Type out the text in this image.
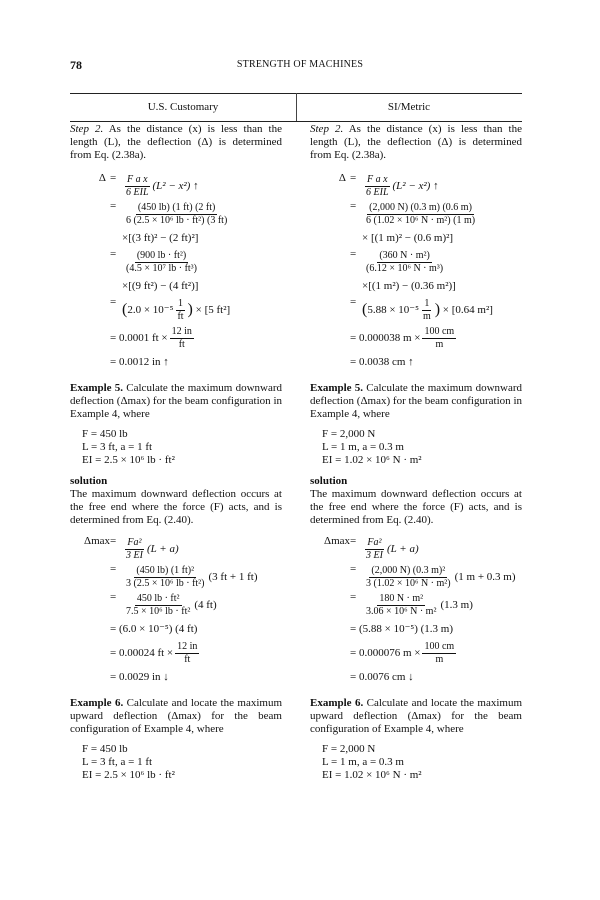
78	STRENGTH OF MACHINES
U.S. Customary	SI/Metric

Step 2. As the distance (x) is less than the length (L), the deflection (Δ) is determined from Eq. (2.38a).

$\Delta = \frac{\text{F a x}}{\text{6 EIL}} (L^2 - x^2)$ ↑
= $\frac{(450 lb) (1 ft) (2 ft)}{\text{6 (2.5 × 10⁶ lb · ft²) (3 ft)}}$
×[(3 ft)² − (2 ft)²]
= $\frac{\text{(900 lb · ft²)}}{\text{(4.5 × 10⁷ lb · ft³)}}$
×[(9 ft²) − (4 ft²)]
= ( $2.0 \times 10^{-5} \frac{1}{ft}$ )
× [5 ft²]
= 0.0001 ft × $\frac{12 in}{ft}$
= 0.0012 in ↑

Example 5. Calculate the maximum downward deflection (Δmax) for the beam configuration in Example 4, where

F = 450 lb
L = 3 ft, a = 1 ft
EI = 2.5 × 10⁶ lb · ft²
solution

The maximum downward deflection occurs at the free end where the force (F) acts, and is determined from Eq. (2.40).

$\Delta\max = \frac{\text{Fa²}}{3 EI} (L + a)$
= $\frac{\text{(450 lb) (1 ft)²}}{\text{3 (2.5 × 10⁶ lb · ft²)}} (3$ ft + 1 ft)
= $\frac{\text{450 lb · ft²}}{\text{7.5 × 10⁶ lb · ft²}} (4$ ft)
= (6.0 × 10⁻⁵) (4 ft)
= 0.00024 ft × $\frac{12 in}{ft}$
= 0.0029 in ↓

Example 6. Calculate and locate the maximum upward deflection (Δmax) for the beam configuration of Example 4, where

F = 450 lb
L = 3 ft, a = 1 ft
EI = 2.5 × 10⁶ lb · ft²

Step 2. As the distance (x) is less than the length (L), the deflection (Δ) is determined from Eq. (2.38a).

$\Delta = \frac{\text{F a x}}{\text{6 EIL}} (L^2 - x^2)$ ↑
= $\frac{(2,000 N) (0.3 m) (0.6 m)}{\text{6 (1.02 × 10⁶ N · m²) (1 m)}}$
× [(1 m)² − (0.6 m)²]
= $\frac{\text{(360 N · m²)}}{\text{(6.12 × 10⁶ N · m³)}}$
×[(1 m²) − (0.36 m²)]
= ( $5.88 \times 10^{-5} \frac{1}{m}$ )
× [0.64 m²]
= 0.000038 $m \times \frac{100 cm}{m}$
= 0.0038 cm ↑

Example 5. Calculate the maximum downward deflection (Δmax) for the beam configuration in Example 4, where

F = 2,000 N
L = 1 m, a = 0.3 m
EI = 1.02 × 10⁶ N · m²
solution

The maximum downward deflection occurs at the free end where the force (F) acts, and is determined from Eq. (2.40).

$\Delta\max = \frac{\text{Fa²}}{3 EI} (L + a)$
= $\frac{\text{(2,000 N) (0.3 m)²}}{\text{3 (1.02 × 10⁶ N · m²)}} (1$ m + 0.3 m)
= $\frac{\text{180 N · m²}}{\text{3.06 × 10⁶ N · m²}} (1.3$ m)
= (5.88 × 10⁻⁵) (1.3 m)
= 0.000076 $m \times \frac{100 cm}{m}$
= 0.0076 cm ↓

Example 6. Calculate and locate the maximum upward deflection (Δmax) for the beam configuration of Example 4, where

F = 2,000 N
L = 1 m, a = 0.3 m
EI = 1.02 × 10⁶ N · m²
